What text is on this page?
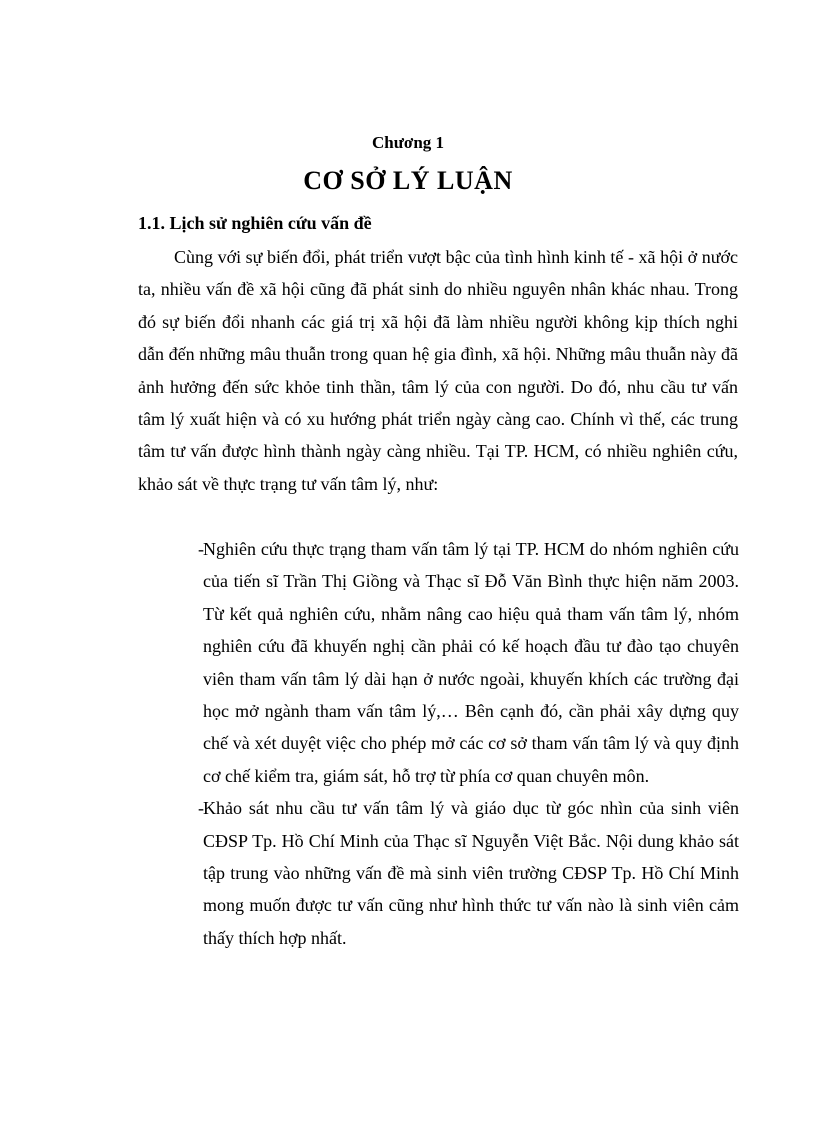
Chương 1
CƠ SỞ LÝ LUẬN
1.1. Lịch sử nghiên cứu vấn đề

Cùng với sự biến đổi, phát triển vượt bậc của tình hình kinh tế - xã hội ở nước ta, nhiều vấn đề xã hội cũng đã phát sinh do nhiều nguyên nhân khác nhau. Trong đó sự biến đổi nhanh các giá trị xã hội đã làm nhiều người không kịp thích nghi dẫn đến những mâu thuẫn trong quan hệ gia đình, xã hội. Những mâu thuẫn này đã ảnh hưởng đến sức khỏe tinh thần, tâm lý của con người. Do đó, nhu cầu tư vấn tâm lý xuất hiện và có xu hướng phát triển ngày càng cao. Chính vì thế, các trung tâm tư vấn được hình thành ngày càng nhiều. Tại TP. HCM, có nhiều nghiên cứu, khảo sát về thực trạng tư vấn tâm lý, như:

- Nghiên cứu thực trạng tham vấn tâm lý tại TP. HCM do nhóm nghiên cứu của tiến sĩ Trần Thị Giồng và Thạc sĩ Đỗ Văn Bình thực hiện năm 2003. Từ kết quả nghiên cứu, nhằm nâng cao hiệu quả tham vấn tâm lý, nhóm nghiên cứu đã khuyến nghị cần phải có kế hoạch đầu tư đào tạo chuyên viên tham vấn tâm lý dài hạn ở nước ngoài, khuyến khích các trường đại học mở ngành tham vấn tâm lý,… Bên cạnh đó, cần phải xây dựng quy chế và xét duyệt việc cho phép mở các cơ sở tham vấn tâm lý và quy định cơ chế kiểm tra, giám sát, hỗ trợ từ phía cơ quan chuyên môn.
- Khảo sát nhu cầu tư vấn tâm lý và giáo dục từ góc nhìn của sinh viên CĐSP Tp. Hồ Chí Minh của Thạc sĩ Nguyễn Việt Bắc. Nội dung khảo sát tập trung vào những vấn đề mà sinh viên trường CĐSP Tp. Hồ Chí Minh mong muốn được tư vấn cũng như hình thức tư vấn nào là sinh viên cảm thấy thích hợp nhất.
